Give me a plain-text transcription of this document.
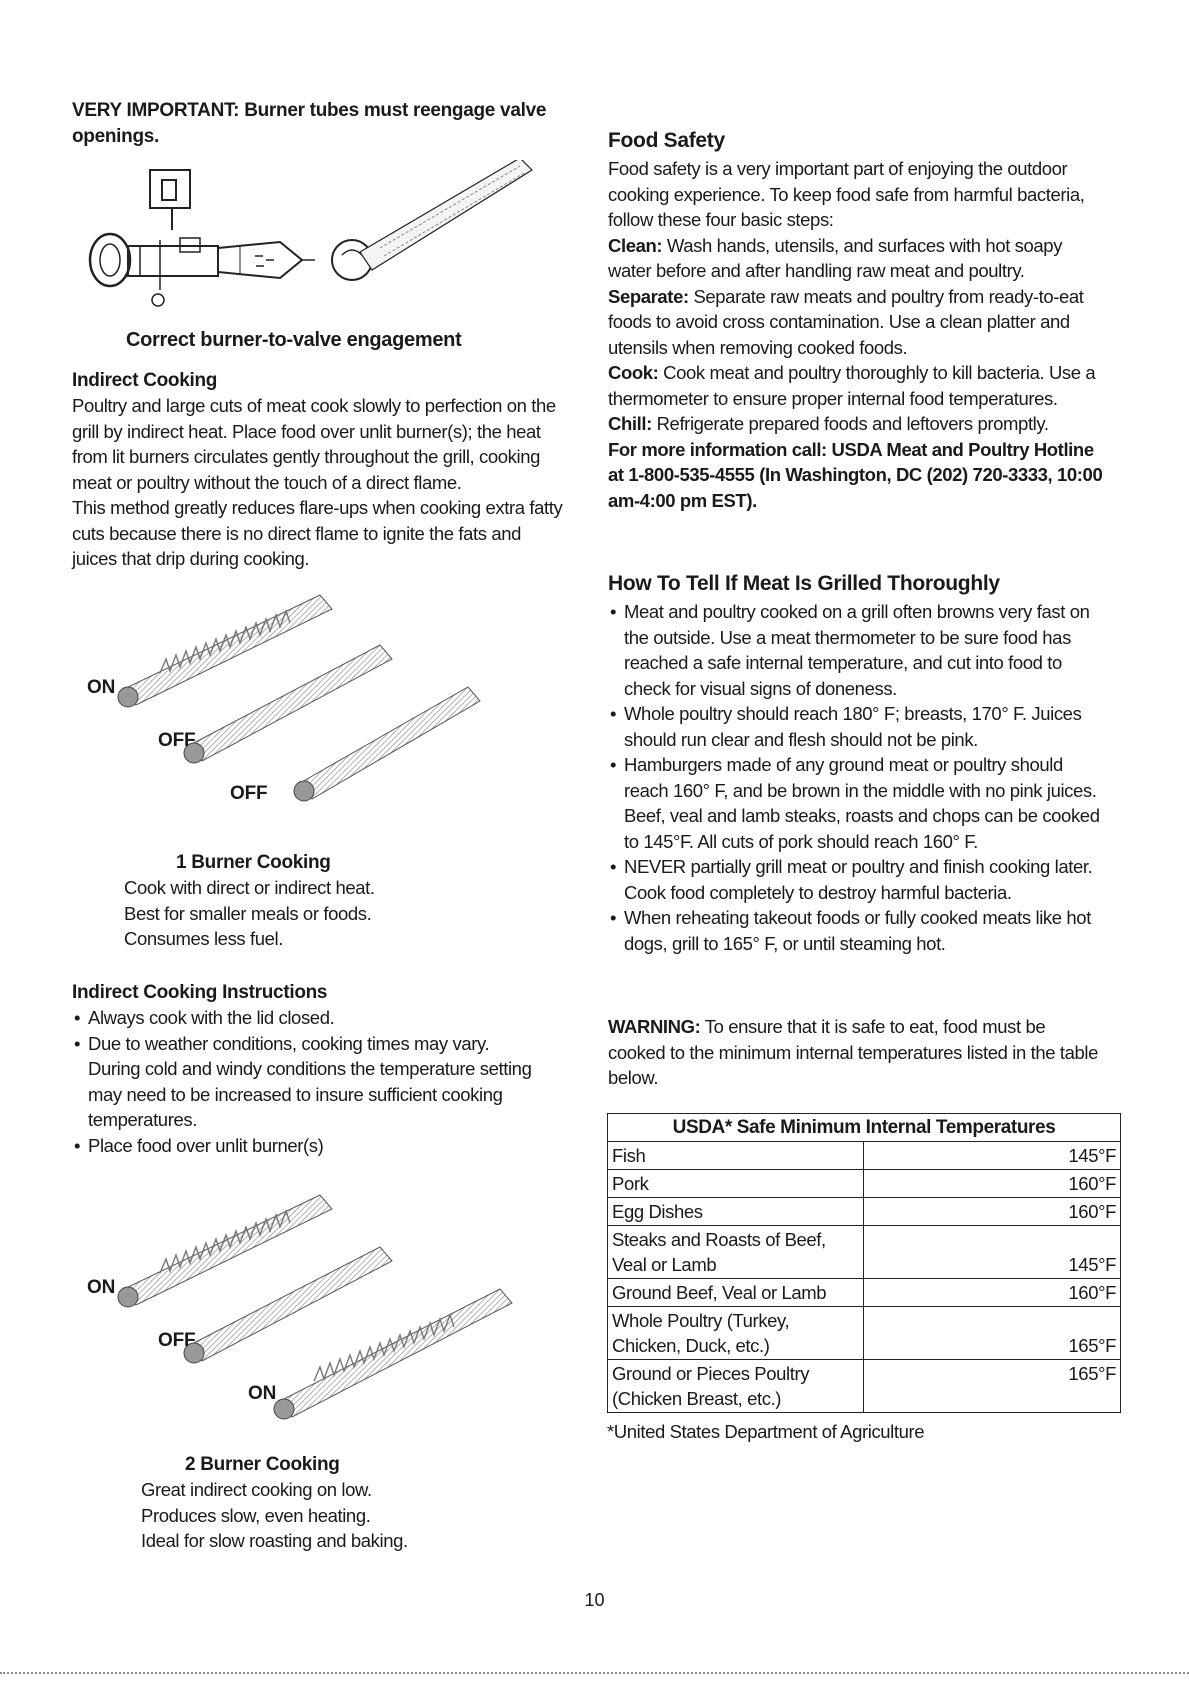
VERY IMPORTANT: Burner tubes must reengage valve openings.

Correct burner-to-valve engagement

Indirect Cooking

Poultry and large cuts of meat cook slowly to perfection on the

grill by indirect heat. Place food over unlit burner(s); the heat

from lit burners circulates gently throughout the grill, cooking

meat or poultry without the touch of a direct flame.

This method greatly reduces flare-ups when cooking extra fatty

cuts because there is no direct flame to ignite the fats and

juices that drip during cooking.

ON
OFF
OFF

1 Burner Cooking

Cook with direct or indirect heat.

Best for smaller meals or foods.

Consumes less fuel.

Indirect Cooking Instructions

• Always cook with the lid closed.
• Due to weather conditions, cooking times may vary.
During cold and windy conditions the temperature setting
may need to be increased to insure sufficient cooking
temperatures.
• Place food over unlit burner(s)
ON
OFF
ON

2 Burner Cooking

Great indirect cooking on low.

Produces slow, even heating.

Ideal for slow roasting and baking.

Food Safety

Food safety is a very important part of enjoying the outdoor

cooking experience. To keep food safe from harmful bacteria,

follow these four basic steps:

Clean: Wash hands, utensils, and surfaces with hot soapy

water before and after handling raw meat and poultry.

Separate: Separate raw meats and poultry from ready-to-eat

foods to avoid cross contamination. Use a clean platter and

utensils when removing cooked foods.

Cook: Cook meat and poultry thoroughly to kill bacteria. Use a

thermometer to ensure proper internal food temperatures.

Chill: Refrigerate prepared foods and leftovers promptly.

For more information call: USDA Meat and Poultry Hotline

at 1-800-535-4555 (In Washington, DC (202) 720-3333, 10:00

am-4:00 pm EST).

How To Tell If Meat Is Grilled Thoroughly

• Meat and poultry cooked on a grill often browns very fast on
the outside. Use a meat thermometer to be sure food has
reached a safe internal temperature, and cut into food to
check for visual signs of doneness.
• Whole poultry should reach 180° F; breasts, 170° F. Juices
should run clear and flesh should not be pink.
• Hamburgers made of any ground meat or poultry should
reach 160° F, and be brown in the middle with no pink juices.
Beef, veal and lamb steaks, roasts and chops can be cooked
to 145°F. All cuts of pork should reach 160° F.
• NEVER partially grill meat or poultry and finish cooking later.
Cook food completely to destroy harmful bacteria.
• When reheating takeout foods or fully cooked meats like hot
dogs, grill to 165° F, or until steaming hot.

WARNING: To ensure that it is safe to eat, food must be

cooked to the minimum internal temperatures listed in the table

below.

USDA* Safe Minimum Internal Temperatures	
Fish	145°F
Pork	160°F
Egg Dishes	160°F

Steaks and Roasts of Beef,
Veal or Lamb	145°F
Ground Beef, Veal or Lamb	160°F

Whole Poultry (Turkey,
Chicken, Duck, etc.)	165°F

Ground or Pieces Poultry
(Chicken Breast, etc.)	165°F

*United States Department of Agriculture

10
